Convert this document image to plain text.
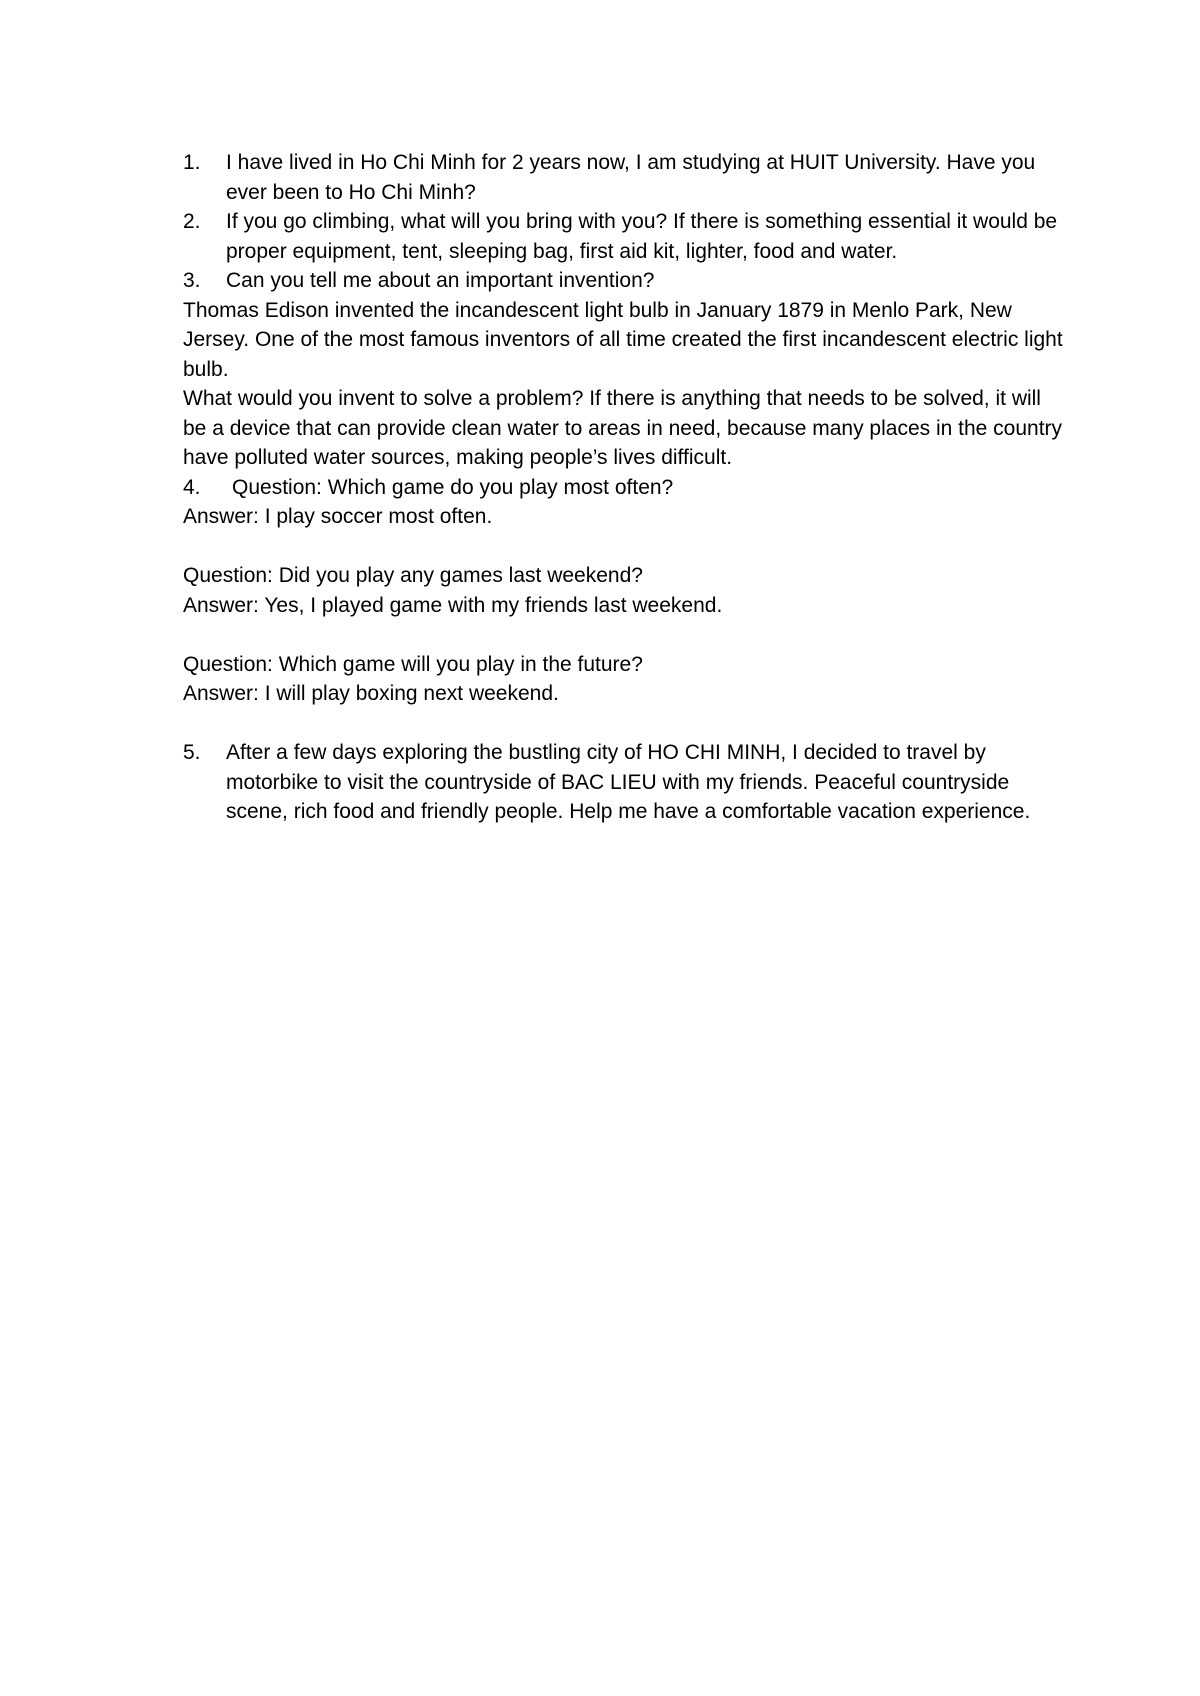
1.	I have lived in Ho Chi Minh for 2 years now, I am studying at HUIT University. Have you ever been to Ho Chi Minh?
2.	If you go climbing, what will you bring with you? If there is something essential it would be proper equipment, tent, sleeping bag, first aid kit, lighter, food and water.
3.	Can you tell me about an important invention?

Thomas Edison invented the incandescent light bulb in January 1879 in Menlo Park, New Jersey. One of the most famous inventors of all time created the first incandescent electric light bulb.

What would you invent to solve a problem? If there is anything that needs to be solved, it will be a device that can provide clean water to areas in need, because many places in the country have polluted water sources, making people’s lives difficult.

4. Question: Which game do you play most often?

Answer: I play soccer most often.

Question: Did you play any games last weekend?

Answer: Yes, I played game with my friends last weekend.

Question: Which game will you play in the future?

Answer: I will play boxing next weekend.

5.	After a few days exploring the bustling city of HO CHI MINH, I decided to travel by motorbike to visit the countryside of BAC LIEU with my friends. Peaceful countryside scene, rich food and friendly people. Help me have a comfortable vacation experience.
